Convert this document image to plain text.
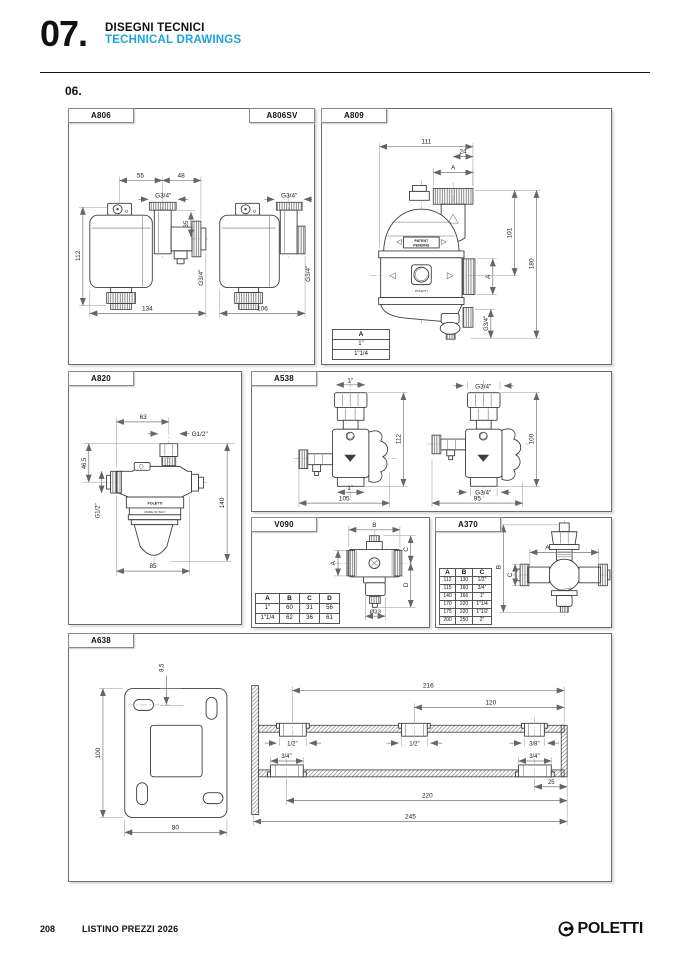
07. DISEGNI TECNICI
TECHNICAL DRAWINGS
06.
A806	A806SV
55	48
G3/4"
35
112
134
G3/4"
G3/4"
G3/4"
106
A809
PATENT
PENDING
POLETTI
111
24
A
101
180
A
G3/4"
A
1"
1"1/4
A820
POLETTI
MADE IN ITALY
63
G1/2"
46.5
G1/2"
140
85
A538	1"
112
1"
105
G3/4"
100
G3/4"
95
V090	B
A
C
D
Ø33
A	B	C	D
1"	60	31	56
1"1/4	62	36	61
A370
A
B
C
A	B	C
112	130	1/2"
115	160	3/4"
140	166	1"
170	220	1"1/4
175	220	1"1/2
200	250	2"
A638
8.5
100
80
216
120
1/2"	1/2"	3/8"
3/4"	3/4"
25
220
245
208	LISTINO PREZZI 2026	POLETTI
